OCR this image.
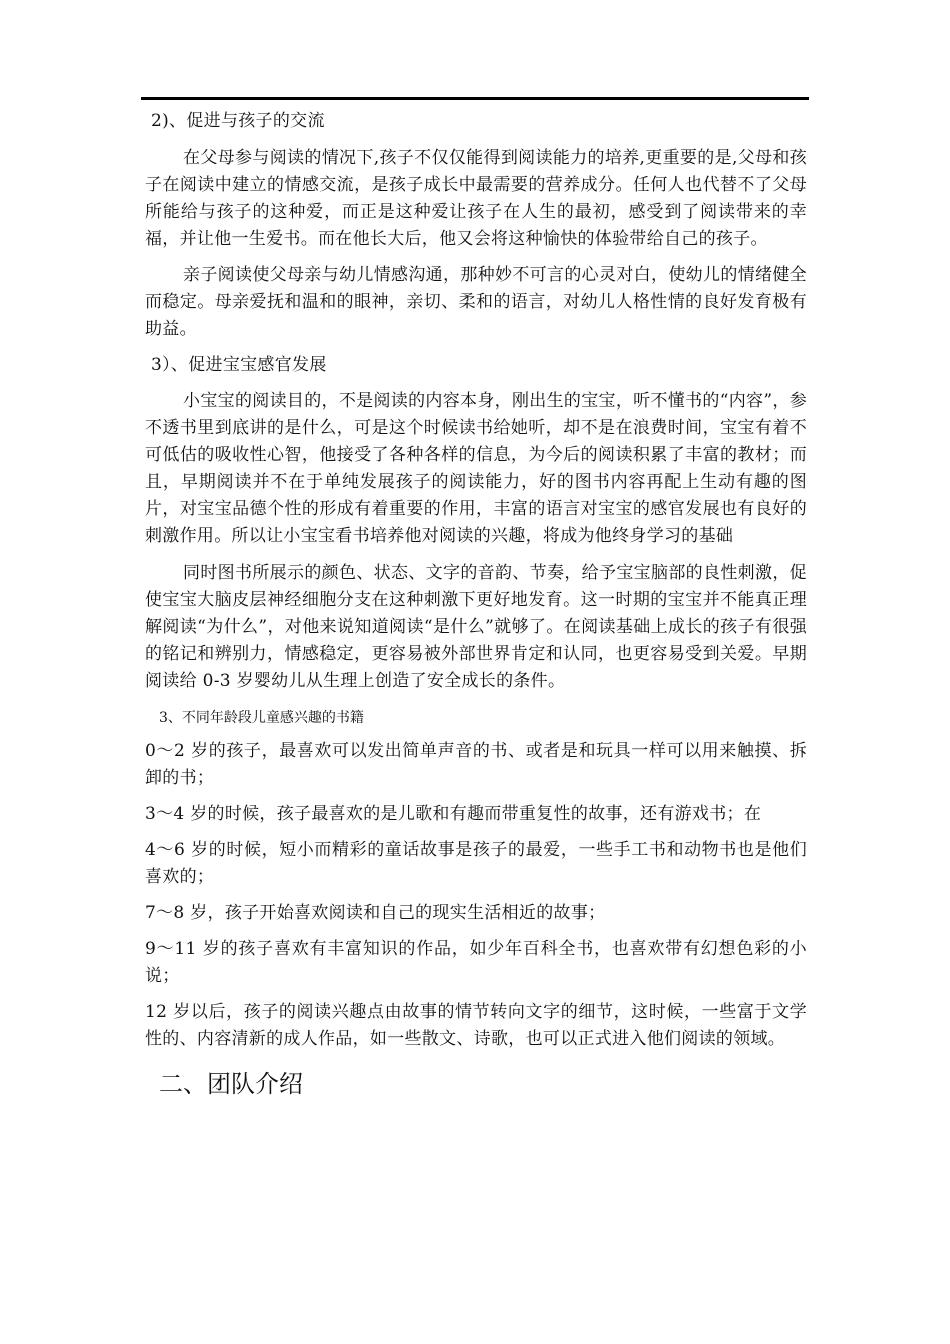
2)、促进与孩子的交流
在父母参与阅读的情况下,孩子不仅仅能得到阅读能力的培养,更重要的是,父母和孩子在阅读中建立的情感交流，是孩子成长中最需要的营养成分。任何人也代替不了父母所能给与孩子的这种爱，而正是这种爱让孩子在人生的最初，感受到了阅读带来的幸福，并让他一生爱书。而在他长大后，他又会将这种愉快的体验带给自己的孩子。
亲子阅读使父母亲与幼儿情感沟通，那种妙不可言的心灵对白，使幼儿的情绪健全而稳定。母亲爱抚和温和的眼神，亲切、柔和的语言，对幼儿人格性情的良好发育极有助益。
3）、促进宝宝感官发展
小宝宝的阅读目的，不是阅读的内容本身，刚出生的宝宝，听不懂书的“内容”，参不透书里到底讲的是什么，可是这个时候读书给她听，却不是在浪费时间，宝宝有着不可低估的吸收性心智，他接受了各种各样的信息，为今后的阅读积累了丰富的教材；而且，早期阅读并不在于单纯发展孩子的阅读能力，好的图书内容再配上生动有趣的图片，对宝宝品德个性的形成有着重要的作用，丰富的语言对宝宝的感官发展也有良好的刺激作用。所以让小宝宝看书培养他对阅读的兴趣，将成为他终身学习的基础
同时图书所展示的颜色、状态、文字的音韵、节奏，给予宝宝脑部的良性刺激，促使宝宝大脑皮层神经细胞分支在这种刺激下更好地发育。这一时期的宝宝并不能真正理解阅读“为什么”，对他来说知道阅读“是什么”就够了。在阅读基础上成长的孩子有很强的铭记和辨别力，情感稳定，更容易被外部世界肯定和认同，也更容易受到关爱。早期阅读给 0-3 岁婴幼儿从生理上创造了安全成长的条件。
3、不同年龄段儿童感兴趣的书籍
0～2 岁的孩子，最喜欢可以发出简单声音的书、或者是和玩具一样可以用来触摸、拆卸的书；
3～4 岁的时候，孩子最喜欢的是儿歌和有趣而带重复性的故事，还有游戏书；在
4～6 岁的时候，短小而精彩的童话故事是孩子的最爱，一些手工书和动物书也是他们喜欢的；
7～8 岁，孩子开始喜欢阅读和自己的现实生活相近的故事；
9～11 岁的孩子喜欢有丰富知识的作品，如少年百科全书，也喜欢带有幻想色彩的小说；
12 岁以后，孩子的阅读兴趣点由故事的情节转向文字的细节，这时候，一些富于文学性的、内容清新的成人作品，如一些散文、诗歌，也可以正式进入他们阅读的领域。
二、团队介绍
